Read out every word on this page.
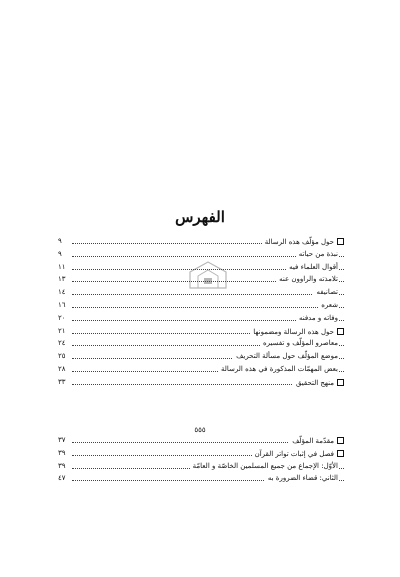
الفهرس
حول مؤلّف هذه الرسالة
٩
نبذة من حياته
٩
أقوال العلماء فيه
١١
تلامذته والراوون عنه
١٣
تصانيفه
١٤
شعره
١٦
وفاته و مدفنه
٢٠
حول هذه الرسالة ومضمونها
٢١
معاصرو المؤلّف و تفسيره
٢٤
موضع المؤلّف حول مسألة التحريف
٢٥
بعض المهمّات المذكورة في هذه الرسالة
٢٨
منهج التحقيق
٣٣
٥٥٥
مقدّمة المؤلّف
٣٧
فصل في إثبات تواتر القرآن
٣٩
الأوّل: الإجماع من جميع المسلمين الخاصّة و العامّة
٣٩
الثاني: قضاء الضرورة به
٤٧
